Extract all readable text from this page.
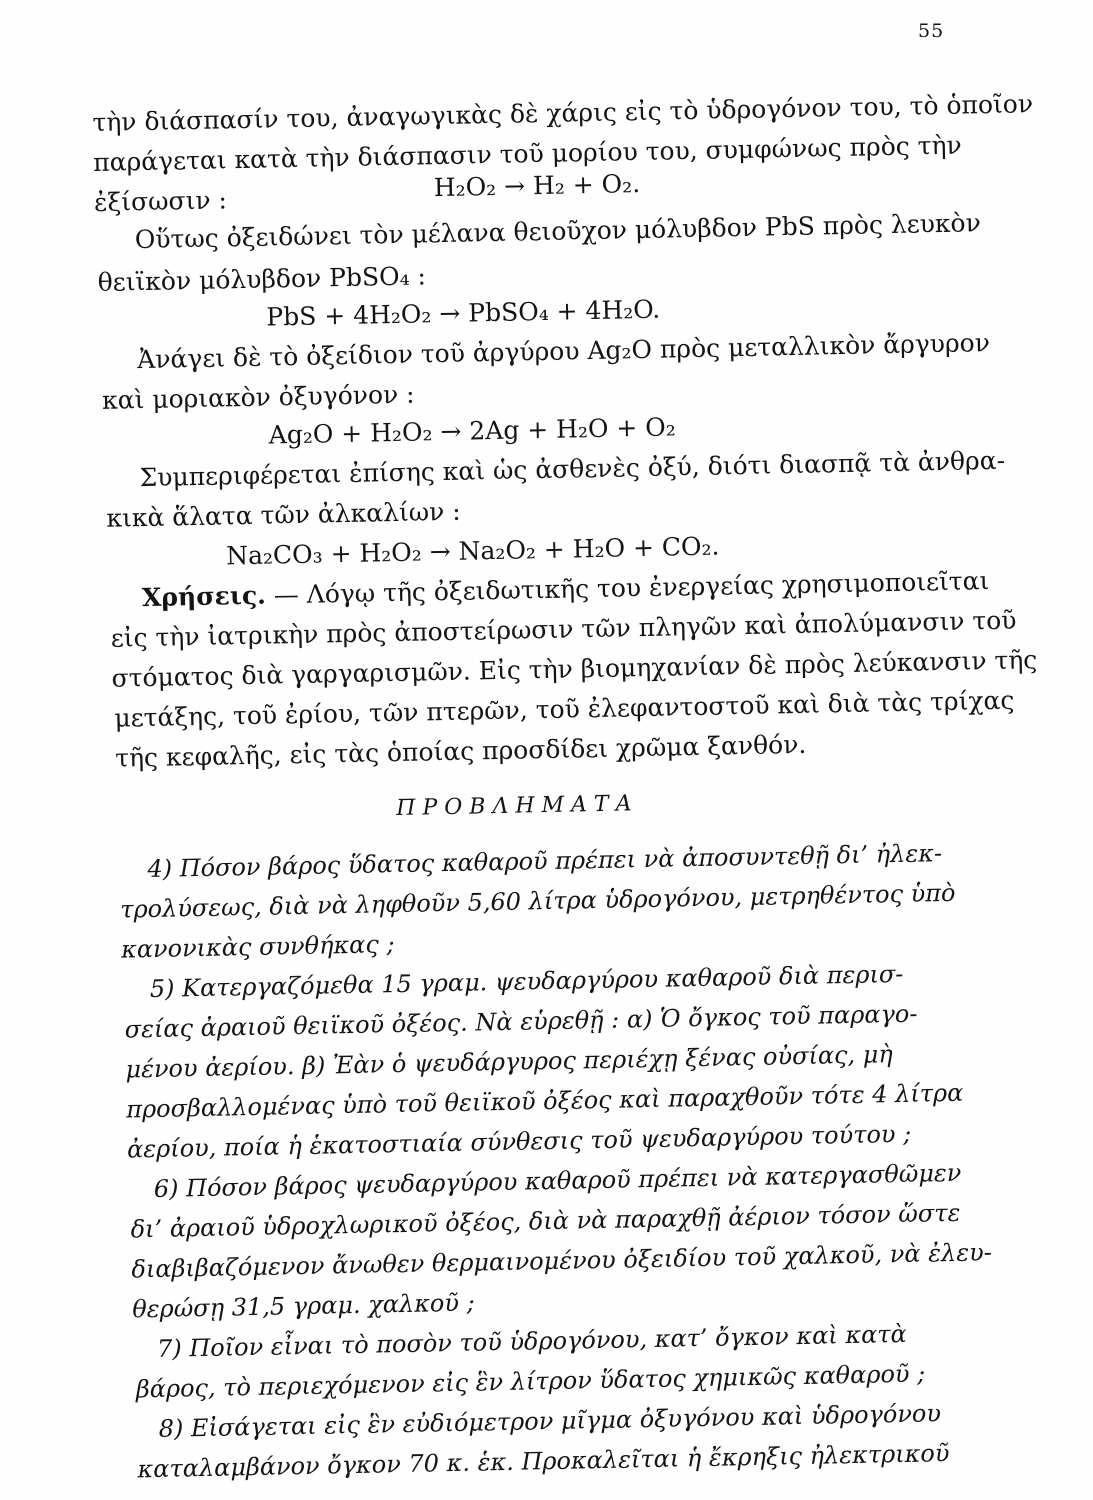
55
τὴν διάσπασίν του, ἀναγωγικὰς δὲ χάρις εἰς τὸ ὑδρογόνον του, τὸ ὁποῖον
παράγεται κατὰ τὴν διάσπασιν τοῦ μορίου του, συμφώνως πρὸς τὴν
ἐξίσωσιν :	H₂O₂ → H₂ + O₂.
Οὕτως ὀξειδώνει τὸν μέλανα θειοῦχον μόλυβδον PbS πρὸς λευκὸν
θειϊκὸν μόλυβδον PbSO₄ :
PbS + 4H₂O₂ → PbSO₄ + 4H₂O.
Ἀνάγει δὲ τὸ ὀξείδιον τοῦ ἀργύρου Ag₂O πρὸς μεταλλικὸν ἄργυρον
καὶ μοριακὸν ὀξυγόνον :
Ag₂O + H₂O₂ → 2Ag + H₂O + O₂
Συμπεριφέρεται ἐπίσης καὶ ὡς ἀσθενὲς ὀξύ, διότι διασπᾷ τὰ ἀνθρα-
κικὰ ἅλατα τῶν ἀλκαλίων :
Na₂CO₃ + H₂O₂ → Na₂O₂ + H₂O + CO₂.
Χρήσεις. — Λόγῳ τῆς ὀξειδωτικῆς του ἐνεργείας χρησιμοποιεῖται
εἰς τὴν ἰατρικὴν πρὸς ἀποστείρωσιν τῶν πληγῶν καὶ ἀπολύμανσιν τοῦ
στόματος διὰ γαργαρισμῶν. Εἰς τὴν βιομηχανίαν δὲ πρὸς λεύκανσιν τῆς
μετάξης, τοῦ ἐρίου, τῶν πτερῶν, τοῦ ἐλεφαντοστοῦ καὶ διὰ τὰς τρίχας
τῆς κεφαλῆς, εἰς τὰς ὁποίας προσδίδει χρῶμα ξανθόν.
ΠΡΟΒΛΗΜΑΤΑ
4) Πόσον βάρος ὕδατος καθαροῦ πρέπει νὰ ἀποσυντεθῇ δι’ ἠλεκ-
τρολύσεως, διὰ νὰ ληφθοῦν 5,60 λίτρα ὑδρογόνου, μετρηθέντος ὑπὸ
κανονικὰς συνθήκας ;
5) Κατεργαζόμεθα 15 γραμ. ψευδαργύρου καθαροῦ διὰ περισ-
σείας ἀραιοῦ θειϊκοῦ ὀξέος. Νὰ εὑρεθῇ : α) Ὁ ὄγκος τοῦ παραγο-
μένου ἀερίου. β) Ἐὰν ὁ ψευδάργυρος περιέχῃ ξένας οὐσίας, μὴ
προσβαλλομένας ὑπὸ τοῦ θειϊκοῦ ὀξέος καὶ παραχθοῦν τότε 4 λίτρα
ἀερίου, ποία ἡ ἑκατοστιαία σύνθεσις τοῦ ψευδαργύρου τούτου ;
6) Πόσον βάρος ψευδαργύρου καθαροῦ πρέπει νὰ κατεργασθῶμεν
δι’ ἀραιοῦ ὑδροχλωρικοῦ ὀξέος, διὰ νὰ παραχθῇ ἀέριον τόσον ὥστε
διαβιβαζόμενον ἄνωθεν θερμαινομένου ὀξειδίου τοῦ χαλκοῦ, νὰ ἐλευ-
θερώσῃ 31,5 γραμ. χαλκοῦ ;
7) Ποῖον εἶναι τὸ ποσὸν τοῦ ὑδρογόνου, κατ’ ὄγκον καὶ κατὰ
βάρος, τὸ περιεχόμενον εἰς ἓν λίτρον ὕδατος χημικῶς καθαροῦ ;
8) Εἰσάγεται εἰς ἓν εὐδιόμετρον μῖγμα ὀξυγόνου καὶ ὑδρογόνου
καταλαμβάνον ὄγκον 70 κ. ἑκ. Προκαλεῖται ἡ ἔκρηξις ἠλεκτρικοῦ
